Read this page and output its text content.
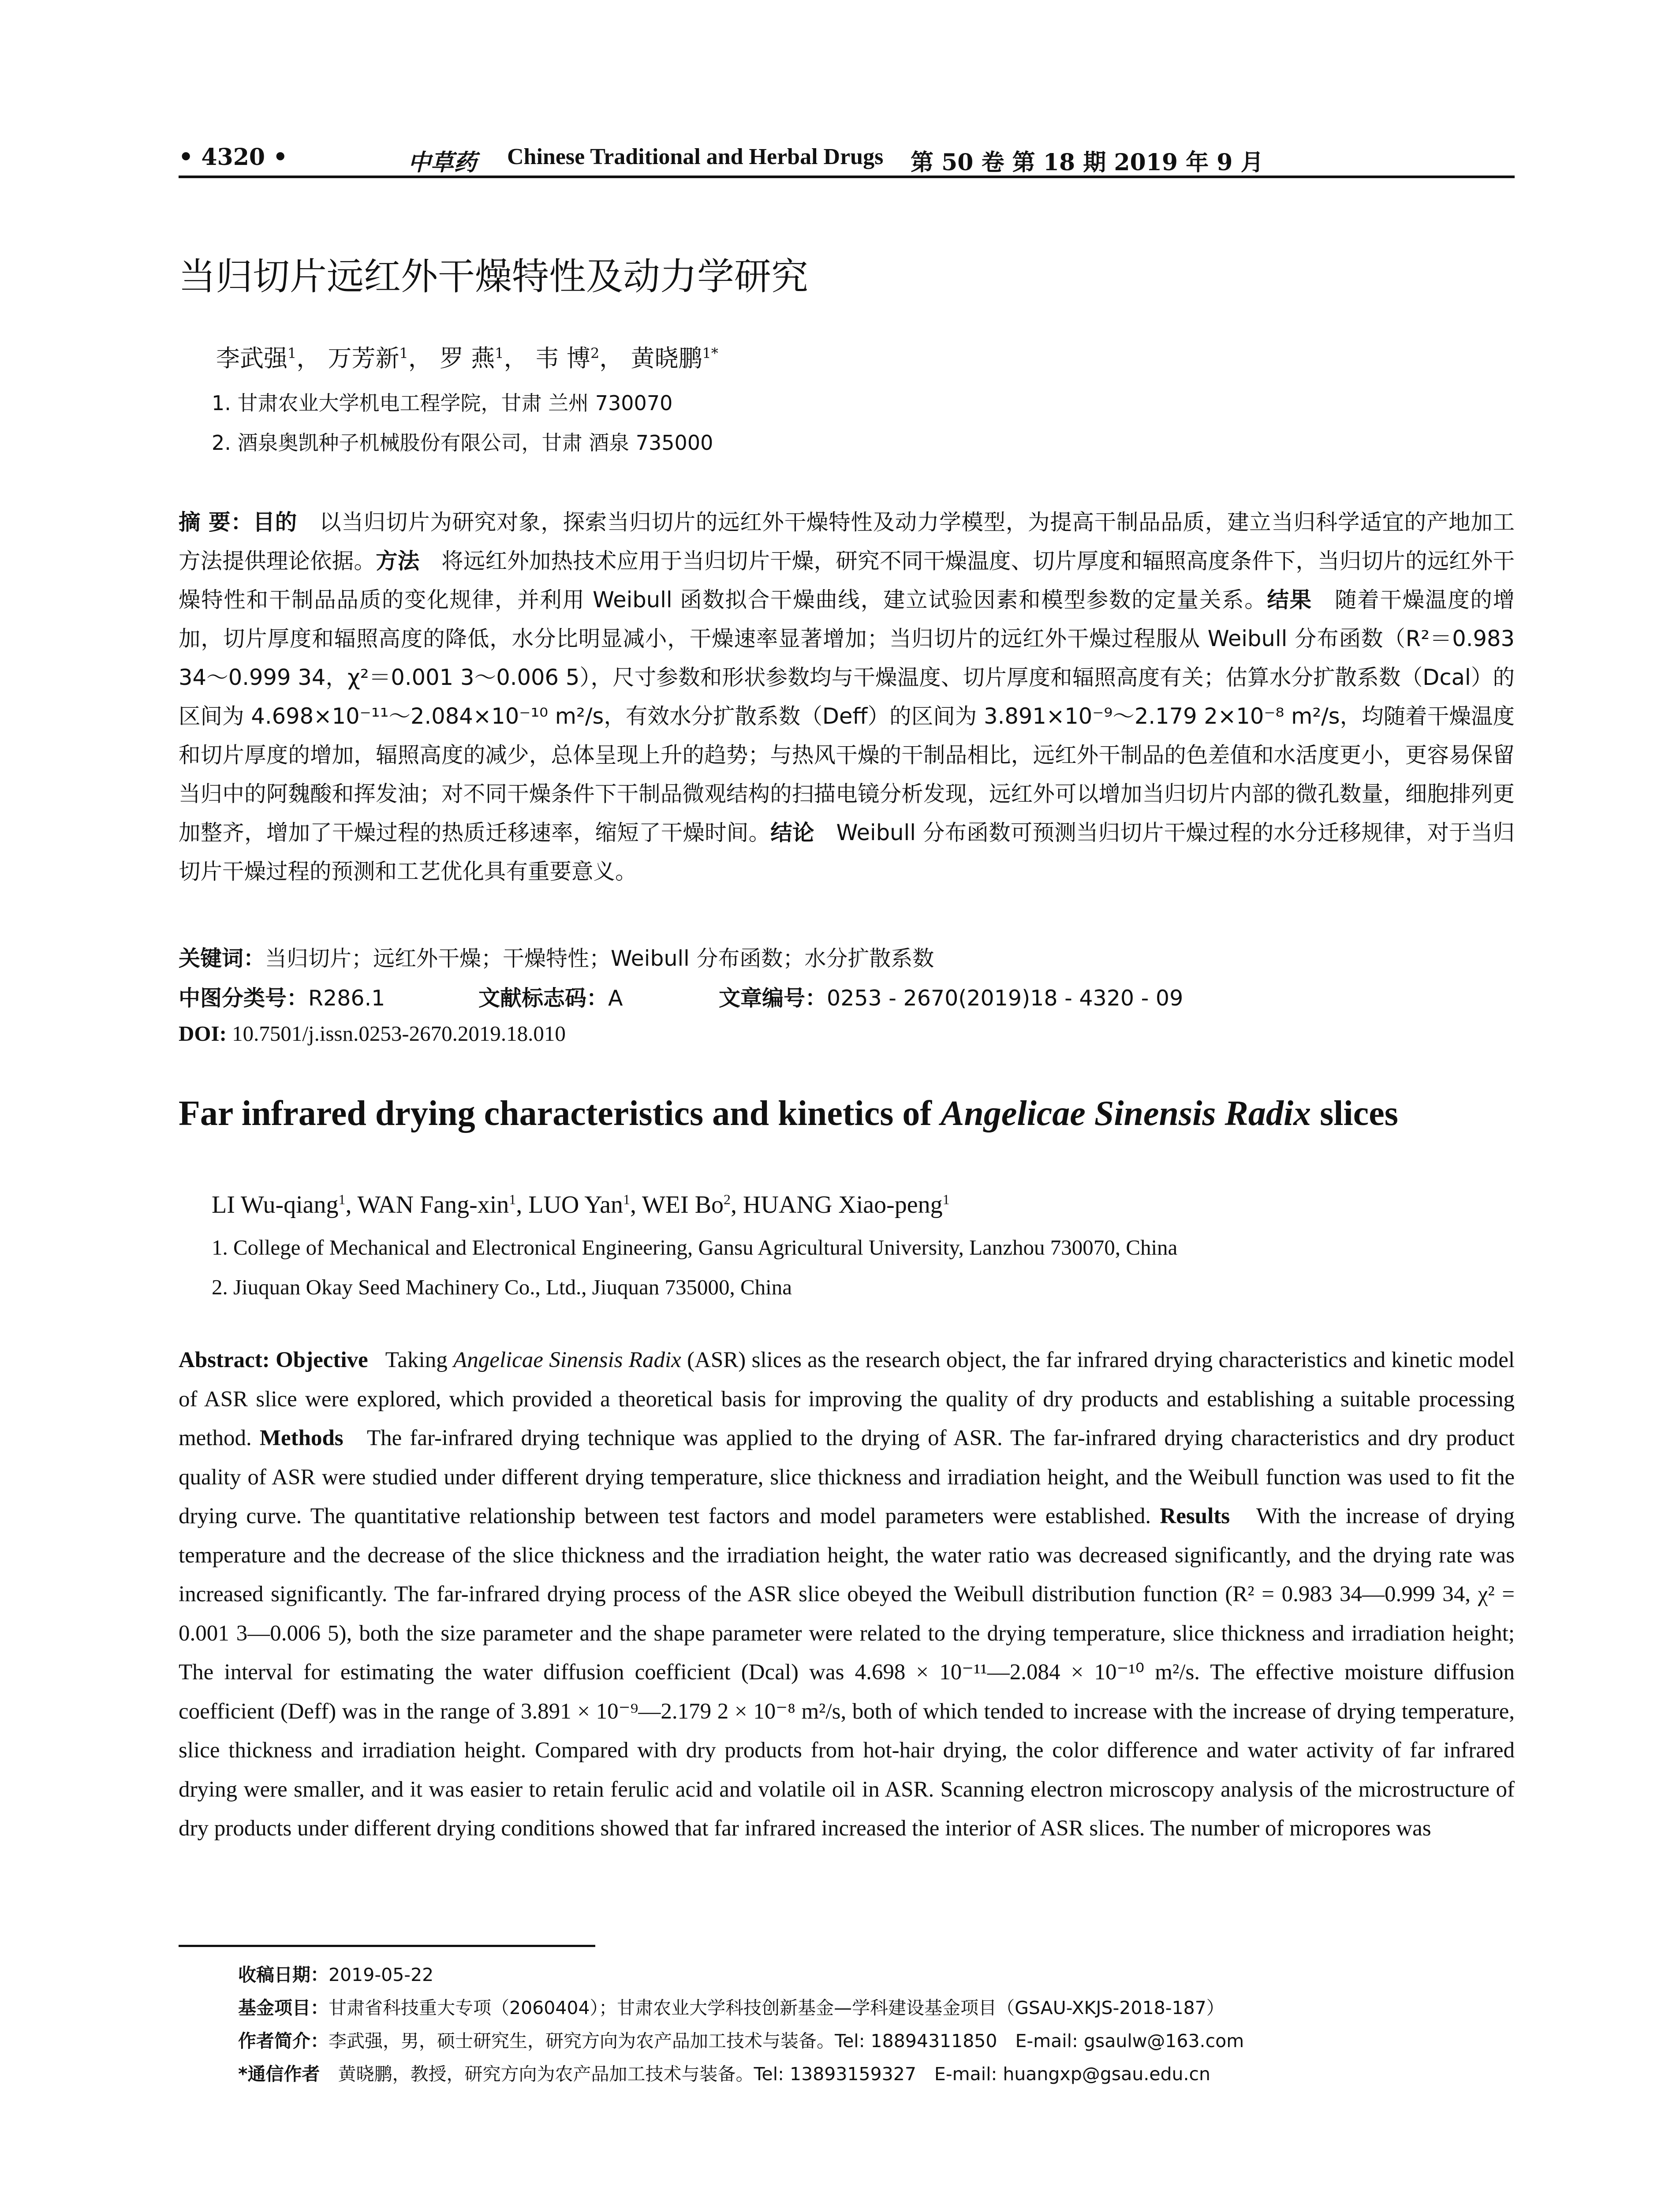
• 4320 •	中草药 Chinese Traditional and Herbal Drugs 第 50 卷 第 18 期 2019 年 9 月
当归切片远红外干燥特性及动力学研究
李武强$^1$， 万芳新$^1$， 罗 燕$^1$， 韦 博$^2$， 黄晓鹏$^{1*}$
1. 甘肃农业大学机电工程学院，甘肃 兰州 730070
2. 酒泉奥凯种子机械股份有限公司，甘肃 酒泉 735000
摘 要：目的　 以当归切片为研究对象，探索当归切片的远红外干燥特性及动力学模型，为提高干制品品质，建立当归科学适宜的产地加工方法提供理论依据。方法　 将远红外加热技术应用于当归切片干燥，研究不同干燥温度、切片厚度和辐照高度条件下，当归切片的远红外干燥特性和干制品品质的变化规律，并利用 Weibull 函数拟合干燥曲线，建立试验因素和模型参数的定量关系。结果　 随着干燥温度的增加，切片厚度和辐照高度的降低，水分比明显减小，干燥速率显著增加；当归切片的远红外干燥过程服从 Weibull 分布函数（R²＝0.983 34～0.999 34，χ²＝0.001 3～0.006 5），尺寸参数和形状参数均与干燥温度、切片厚度和辐照高度有关；估算水分扩散系数（Dcal）的区间为 4.698×10⁻¹¹～2.084×10⁻¹⁰ m²/s，有效水分扩散系数（Deff）的区间为 3.891×10⁻⁹～2.179 2×10⁻⁸ m²/s，均随着干燥温度和切片厚度的增加，辐照高度的减少，总体呈现上升的趋势；与热风干燥的干制品相比，远红外干制品的色差值和水活度更小，更容易保留当归中的阿魏酸和挥发油；对不同干燥条件下干制品微观结构的扫描电镜分析发现，远红外可以增加当归切片内部的微孔数量，细胞排列更加整齐，增加了干燥过程的热质迁移速率，缩短了干燥时间。结论　 Weibull 分布函数可预测当归切片干燥过程的水分迁移规律，对于当归切片干燥过程的预测和工艺优化具有重要意义。
关键词：当归切片；远红外干燥；干燥特性；Weibull 分布函数；水分扩散系数
中图分类号：R286.1	文献标志码：A	文章编号：0253 - 2670(2019)18 - 4320 - 09
DOI: 10.7501/j.issn.0253-2670.2019.18.010
Far infrared drying characteristics and kinetics of Angelicae Sinensis Radix slices
LI Wu-qiang$^1$, WAN Fang-xin$^1$, LUO Yan$^1$, WEI Bo$^2$, HUANG Xiao-peng$^1$
1. College of Mechanical and Electronical Engineering, Gansu Agricultural University, Lanzhou 730070, China
2. Jiuquan Okay Seed Machinery Co., Ltd., Jiuquan 735000, China
Abstract: Objective Taking Angelicae Sinensis Radix (ASR) slices as the research object, the far infrared drying characteristics and kinetic model of ASR slice were explored, which provided a theoretical basis for improving the quality of dry products and establishing a suitable processing method. Methods The far-infrared drying technique was applied to the drying of ASR. The far-infrared drying characteristics and dry product quality of ASR were studied under different drying temperature, slice thickness and irradiation height, and the Weibull function was used to fit the drying curve. The quantitative relationship between test factors and model parameters were established. Results With the increase of drying temperature and the decrease of the slice thickness and the irradiation height, the water ratio was decreased significantly, and the drying rate was increased significantly. The far-infrared drying process of the ASR slice obeyed the Weibull distribution function (R² = 0.983 34—0.999 34, χ² = 0.001 3—0.006 5), both the size parameter and the shape parameter were related to the drying temperature, slice thickness and irradiation height; The interval for estimating the water diffusion coefficient (Dcal) was 4.698 × 10⁻¹¹—2.084 × 10⁻¹⁰ m²/s. The effective moisture diffusion coefficient (Deff) was in the range of 3.891 × 10⁻⁹—2.179 2 × 10⁻⁸ m²/s, both of which tended to increase with the increase of drying temperature, slice thickness and irradiation height. Compared with dry products from hot-hair drying, the color difference and water activity of far infrared drying were smaller, and it was easier to retain ferulic acid and volatile oil in ASR. Scanning electron microscopy analysis of the microstructure of dry products under different drying conditions showed that far infrared increased the interior of ASR slices. The number of micropores was
收稿日期：2019-05-22
基金项目：甘肃省科技重大专项（2060404）；甘肃农业大学科技创新基金—学科建设基金项目（GSAU-XKJS-2018-187）
作者简介：李武强，男，硕士研究生，研究方向为农产品加工技术与装备。Tel: 18894311850　E-mail: gsaulw@163.com
*通信作者　黄晓鹏，教授，研究方向为农产品加工技术与装备。Tel: 13893159327　E-mail: huangxp@gsau.edu.cn
